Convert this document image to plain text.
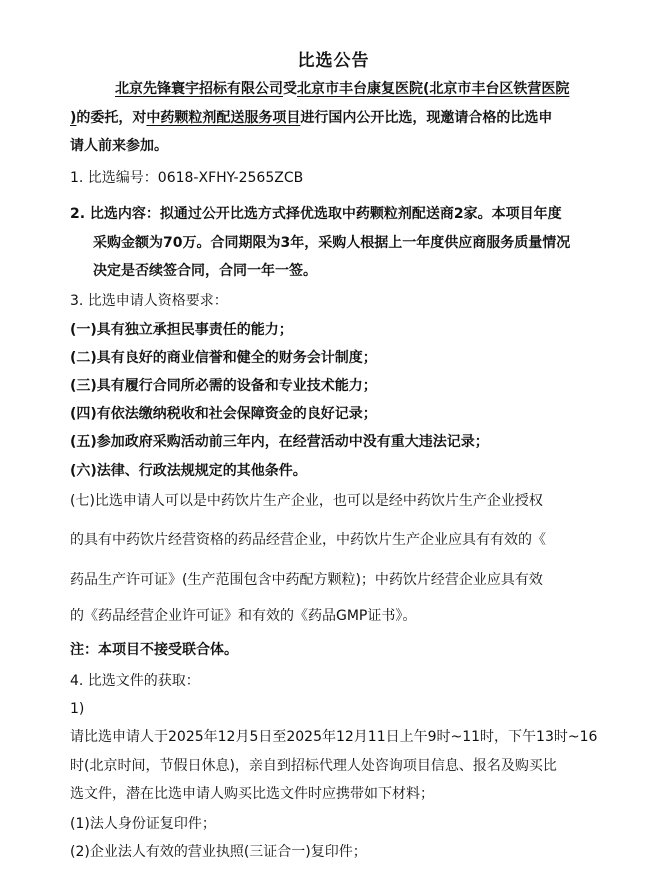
比选公告
北京先锋寰宇招标有限公司受北京市丰台康复医院(北京市丰台区铁营医院
)的委托，对中药颗粒剂配送服务项目进行国内公开比选，现邀请合格的比选申
请人前来参加。
1. 比选编号：0618-XFHY-2565ZCB
2. 比选内容：拟通过公开比选方式择优选取中药颗粒剂配送商2家。本项目年度
采购金额为70万。合同期限为3年，采购人根据上一年度供应商服务质量情况
决定是否续签合同，合同一年一签。
3. 比选申请人资格要求：
(一)具有独立承担民事责任的能力；
(二)具有良好的商业信誉和健全的财务会计制度；
(三)具有履行合同所必需的设备和专业技术能力；
(四)有依法缴纳税收和社会保障资金的良好记录；
(五)参加政府采购活动前三年内，在经营活动中没有重大违法记录；
(六)法律、行政法规规定的其他条件。
(七)比选申请人可以是中药饮片生产企业，也可以是经中药饮片生产企业授权
的具有中药饮片经营资格的药品经营企业，中药饮片生产企业应具有有效的《
药品生产许可证》(生产范围包含中药配方颗粒)；中药饮片经营企业应具有效
的《药品经营企业许可证》和有效的《药品GMP证书》。
注：本项目不接受联合体。
4. 比选文件的获取：
1)
请比选申请人于2025年12月5日至2025年12月11日上午9时~11时，下午13时~16
时(北京时间，节假日休息)，亲自到招标代理人处咨询项目信息、报名及购买比
选文件，潜在比选申请人购买比选文件时应携带如下材料；
(1)法人身份证复印件；
(2)企业法人有效的营业执照(三证合一)复印件；
